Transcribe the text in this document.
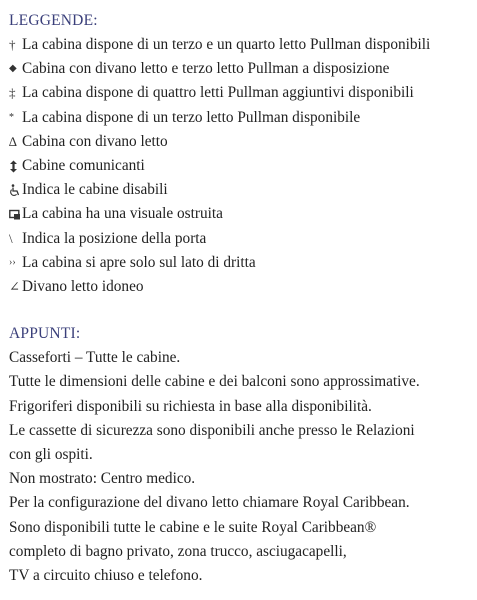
LEGGENDE:
† La cabina dispone di un terzo e un quarto letto Pullman disponibili
◆ Cabina con divano letto e terzo letto Pullman a disposizione
‡ La cabina dispone di quattro letti Pullman aggiuntivi disponibili
* La cabina dispone di un terzo letto Pullman disponibile
∆ Cabina con divano letto
Cabine comunicanti
Indica le cabine disabili
La cabina ha una visuale ostruita
\ Indica la posizione della porta
›› La cabina si apre solo sul lato di dritta
∠ Divano letto idoneo
APPUNTI:
Casseforti – Tutte le cabine.
Tutte le dimensioni delle cabine e dei balconi sono approssimative.
Frigoriferi disponibili su richiesta in base alla disponibilità.
Le cassette di sicurezza sono disponibili anche presso le Relazioni
con gli ospiti.
Non mostrato: Centro medico.
Per la configurazione del divano letto chiamare Royal Caribbean.
Sono disponibili tutte le cabine e le suite Royal Caribbean®
completo di bagno privato, zona trucco, asciugacapelli,
TV a circuito chiuso e telefono.
